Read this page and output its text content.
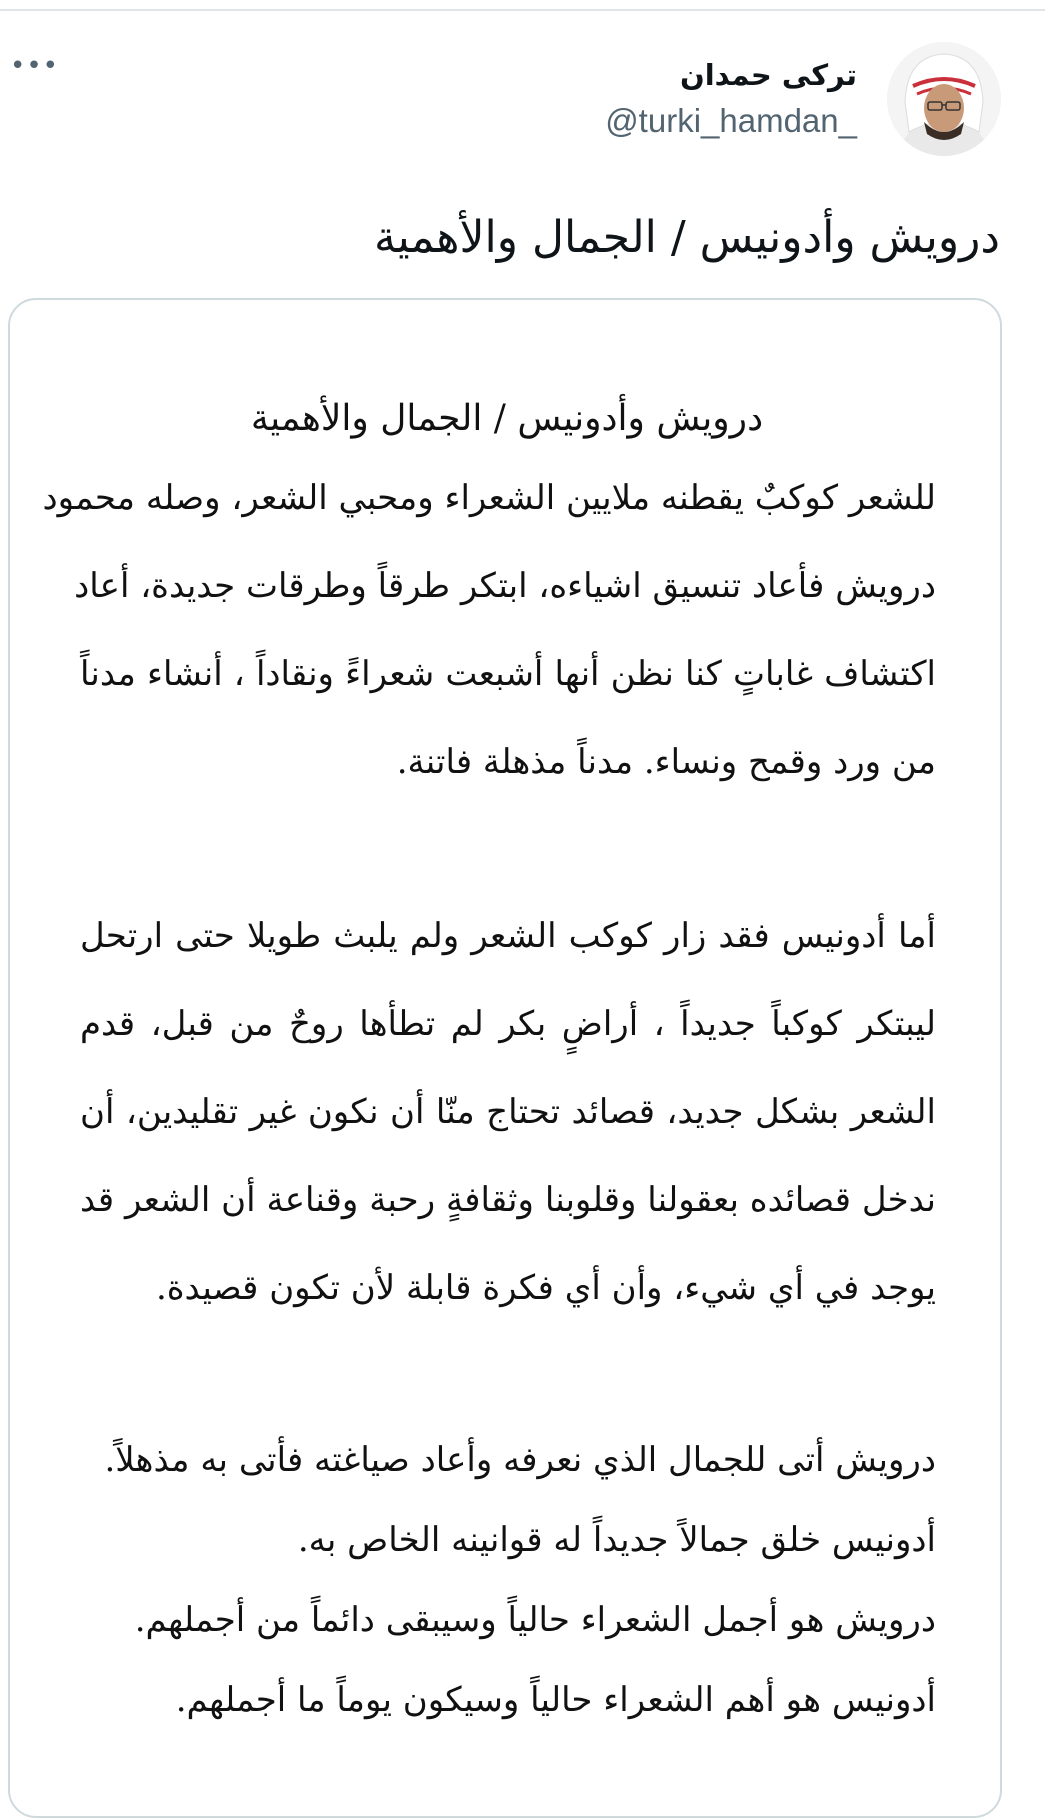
•••	تركى حمدان
@turki_hamdan_
درويش وأدونيس / الجمال والأهمية
درويش وأدونيس / الجمال والأهمية
للشعر كوكبٌ يقطنه ملايين الشعراء ومحبي الشعر، وصله محمود
درويش فأعاد تنسيق اشياءه، ابتكر طرقاً وطرقات جديدة، أعاد
اكتشاف غاباتٍ كنا نظن أنها أشبعت شعراءً ونقاداً ، أنشاء مدناً
من ورد وقمح ونساء. مدناً مذهلة فاتنة.
أما أدونيس فقد زار كوكب الشعر ولم يلبث طويلا حتى ارتحل
ليبتكر كوكباً جديداً ، أراضٍ بكر لم تطأها روحٌ من قبل، قدم
الشعر بشكل جديد، قصائد تحتاج منّا أن نكون غير تقليدين، أن
ندخل قصائده بعقولنا وقلوبنا وثقافةٍ رحبة وقناعة أن الشعر قد
يوجد في أي شيء، وأن أي فكرة قابلة لأن تكون قصيدة.
درويش أتى للجمال الذي نعرفه وأعاد صياغته فأتى به مذهلاً.
أدونيس خلق جمالاً جديداً له قوانينه الخاص به.
درويش هو أجمل الشعراء حالياً وسيبقى دائماً من أجملهم.
أدونيس هو أهم الشعراء حالياً وسيكون يوماً ما أجملهم.
